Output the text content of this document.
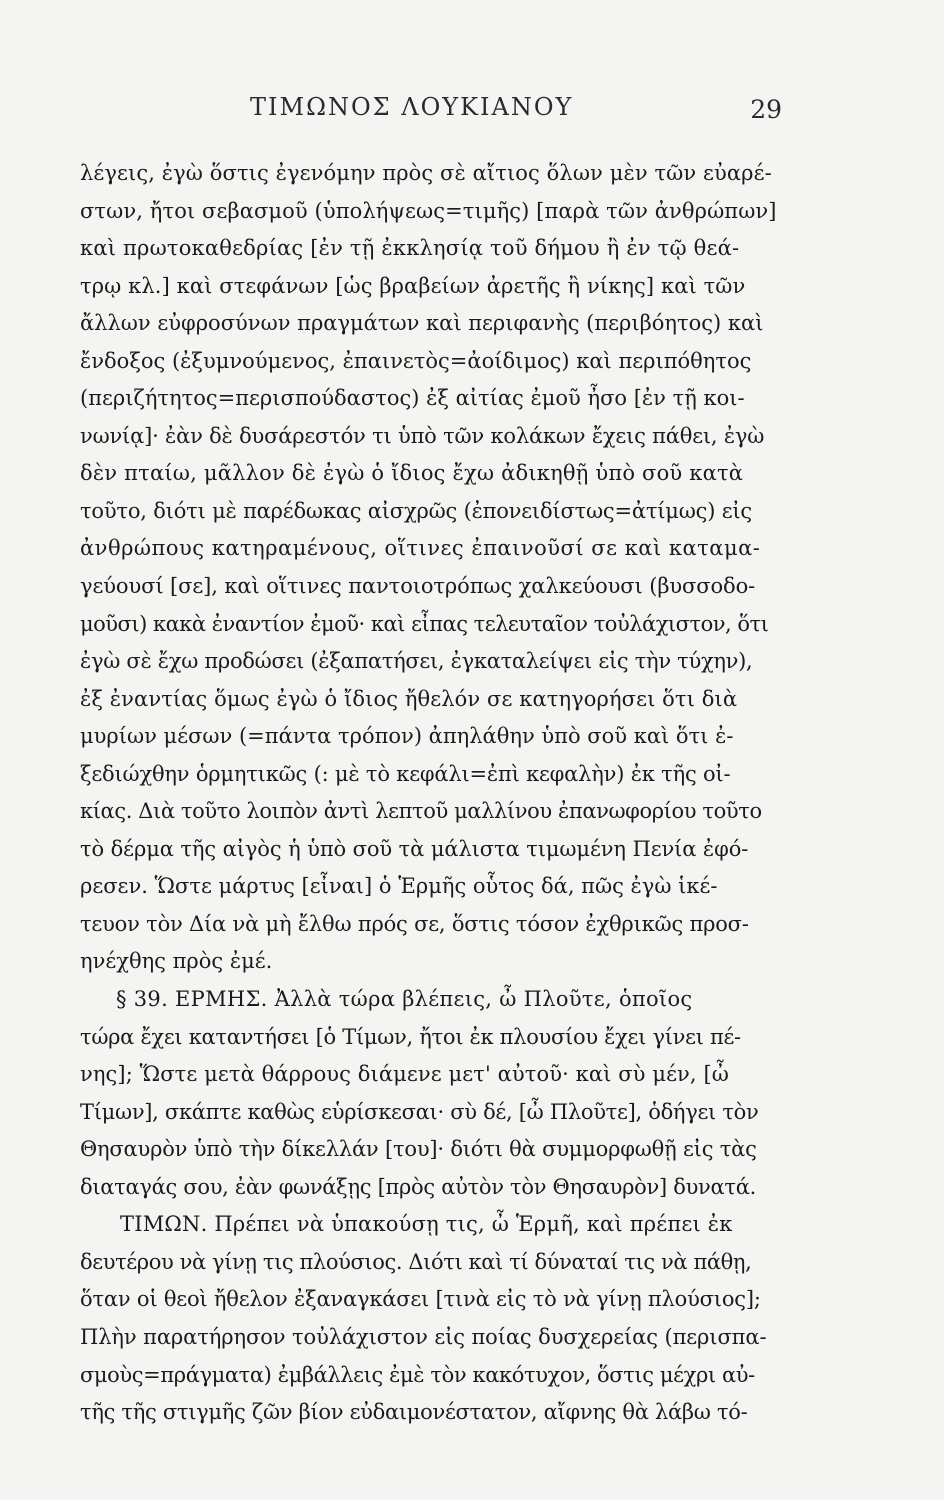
ΤΙΜΩΝΟΣ ΛΟΥΚΙΑΝΟΥ	29
λέγεις, ἐγὼ ὅστις ἐγενόμην πρὸς σὲ αἴτιος ὅλων μὲν τῶν εὐαρέ-
στων, ἤτοι σεβασμοῦ (ὑπολήψεως=τιμῆς) [παρὰ τῶν ἀνθρώπων]
καὶ πρωτοκαθεδρίας [ἐν τῇ ἐκκλησίᾳ τοῦ δήμου ἢ ἐν τῷ θεά-
τρῳ κλ.] καὶ στεφάνων [ὡς βραβείων ἀρετῆς ἢ νίκης] καὶ τῶν
ἄλλων εὐφροσύνων πραγμάτων καὶ περιφανὴς (περιβόητος) καὶ
ἔνδοξος (ἐξυμνούμενος, ἐπαινετὸς=ἀοίδιμος) καὶ περιπόθητος
(περιζήτητος=περισπούδαστος) ἐξ αἰτίας ἐμοῦ ἦσο [ἐν τῇ κοι-
νωνίᾳ]· ἐὰν δὲ δυσάρεστόν τι ὑπὸ τῶν κολάκων ἔχεις πάθει, ἐγὼ
δὲν πταίω, μᾶλλον δὲ ἐγὼ ὁ ἴδιος ἔχω ἀδικηθῇ ὑπὸ σοῦ κατὰ
τοῦτο, διότι μὲ παρέδωκας αἰσχρῶς (ἐπονειδίστως=ἀτίμως) εἰς
ἀνθρώπους κατηραμένους, οἵτινες ἐπαινοῦσί σε καὶ καταμα-
γεύουσί [σε], καὶ οἵτινες παντοιοτρόπως χαλκεύουσι (βυσσοδο-
μοῦσι) κακὰ ἐναντίον ἐμοῦ· καὶ εἶπας τελευταῖον τοὐλάχιστον, ὅτι
ἐγὼ σὲ ἔχω προδώσει (ἐξαπατήσει, ἐγκαταλείψει εἰς τὴν τύχην),
ἐξ ἐναντίας ὅμως ἐγὼ ὁ ἴδιος ἤθελόν σε κατηγορήσει ὅτι διὰ
μυρίων μέσων (=πάντα τρόπον) ἀπηλάθην ὑπὸ σοῦ καὶ ὅτι ἐ-
ξεδιώχθην ὁρμητικῶς (: μὲ τὸ κεφάλι=ἐπὶ κεφαλὴν) ἐκ τῆς οἰ-
κίας. Διὰ τοῦτο λοιπὸν ἀντὶ λεπτοῦ μαλλίνου ἐπανωφορίου τοῦτο
τὸ δέρμα τῆς αἰγὸς ἡ ὑπὸ σοῦ τὰ μάλιστα τιμωμένη Πενία ἐφό-
ρεσεν. Ὥστε μάρτυς [εἶναι] ὁ Ἑρμῆς οὗτος δά, πῶς ἐγὼ ἱκέ-
τευον τὸν Δία νὰ μὴ ἔλθω πρός σε, ὅστις τόσον ἐχθρικῶς προσ-
ηνέχθης πρὸς ἐμέ.
§ 39. ΕΡΜΗΣ. Ἀλλὰ τώρα βλέπεις, ὦ Πλοῦτε, ὁποῖος
τώρα ἔχει καταντήσει [ὁ Τίμων, ἤτοι ἐκ πλουσίου ἔχει γίνει πέ-
νης]; Ὥστε μετὰ θάρρους διάμενε μετ' αὐτοῦ· καὶ σὺ μέν, [ὦ
Τίμων], σκάπτε καθὼς εὑρίσκεσαι· σὺ δέ, [ὦ Πλοῦτε], ὁδήγει τὸν
Θησαυρὸν ὑπὸ τὴν δίκελλάν [του]· διότι θὰ συμμορφωθῇ εἰς τὰς
διαταγάς σου, ἐὰν φωνάξῃς [πρὸς αὐτὸν τὸν Θησαυρὸν] δυνατά.
ΤΙΜΩΝ. Πρέπει νὰ ὑπακούσῃ τις, ὦ Ἑρμῆ, καὶ πρέπει ἐκ
δευτέρου νὰ γίνῃ τις πλούσιος. Διότι καὶ τί δύναταί τις νὰ πάθῃ,
ὅταν οἱ θεοὶ ἤθελον ἐξαναγκάσει [τινὰ εἰς τὸ νὰ γίνῃ πλούσιος];
Πλὴν παρατήρησον τοὐλάχιστον εἰς ποίας δυσχερείας (περισπα-
σμοὺς=πράγματα) ἐμβάλλεις ἐμὲ τὸν κακότυχον, ὅστις μέχρι αὐ-
τῆς τῆς στιγμῆς ζῶν βίον εὐδαιμονέστατον, αἴφνης θὰ λάβω τό-
